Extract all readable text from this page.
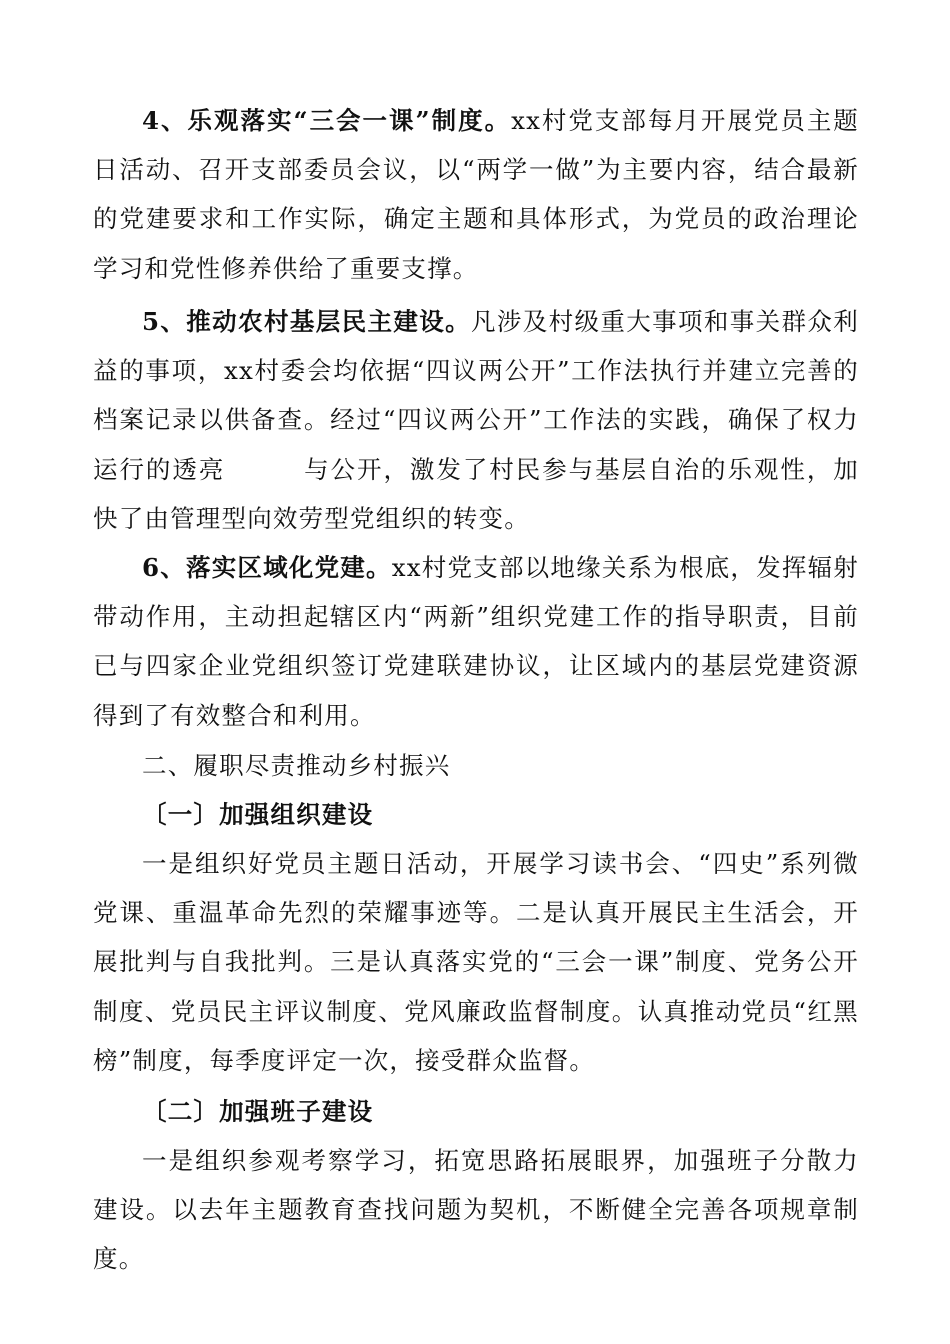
4、乐观落实“三会一课”制度。xx村党支部每月开展党员主题日活动、召开支部委员会议，以“两学一做”为主要内容，结合最新的党建要求和工作实际，确定主题和具体形式，为党员的政治理论学习和党性修养供给了重要支撑。

5、推动农村基层民主建设。凡涉及村级重大事项和事关群众利益的事项，xx村委会均依据“四议两公开”工作法执行并建立完善的档案记录以供备查。经过“四议两公开”工作法的实践，确保了权力运行的透亮	与公开，激发了村民参与基层自治的乐观性，加快了由管理型向效劳型党组织的转变。

6、落实区域化党建。xx村党支部以地缘关系为根底，发挥辐射带动作用，主动担起辖区内“两新”组织党建工作的指导职责，目前已与四家企业党组织签订党建联建协议，让区域内的基层党建资源得到了有效整合和利用。

二、履职尽责推动乡村振兴

〔一〕加强组织建设

一是组织好党员主题日活动，开展学习读书会、“四史”系列微党课、重温革命先烈的荣耀事迹等。二是认真开展民主生活会，开展批判与自我批判。三是认真落实党的“三会一课”制度、党务公开制度、党员民主评议制度、党风廉政监督制度。认真推动党员“红黑榜”制度，每季度评定一次，接受群众监督。

〔二〕加强班子建设

一是组织参观考察学习，拓宽思路拓展眼界，加强班子分散力建设。以去年主题教育查找问题为契机，不断健全完善各项规章制度。
